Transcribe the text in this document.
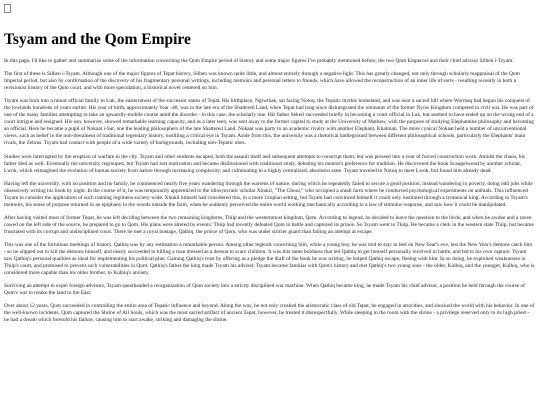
Tsyam and the Qom Empire

In this page, I'd like to gather and summarize some of the information concerning the Qom Empire period of history and some major figures I've probably mentioned before, the two Qom Emperors and their chief advisor Silhen i-Tsyam.

The first of these is Silhen i-Tsyam. Although one of the major figures of Tepat history, Silhen was known quite little, and almost entirely through a negative light. This has greatly changed, not only through scholarly reappraisal of the Qom Imperial period, but also by confirmation of the discovery of his fragmentary personal writings, including memoirs and personal letters to friends, which have allowed the reconstruction of an inner life of sorts - resulting recently in both a revisionist history of the Qom court, and with more speculation, a historical novel centered on him.

Tsyam was born into a minor official family in Luk, the easternmost of the successor states of Tepat. His birthplace, Ngiwthak, sat facing Notoq, the Tepatic mythic homeland, and was near a sacred hill where Wormaq had begun his conquest of the lowlands hundreds of years earlier. His year of birth, approximately Year -40, was in the late era of the Shattered Land, when Tepat had long since disintegrated the remnants of the former Nyow Kingdom competed in civil war. He was part of one of the many families attempting to take an upwardly-mobile course amid the disorder - in this case, the scholarly one. His father Sekeil succeeded briefly in becoming a court official in Luk, but seemed to have ended up on the wrong end of a court intrigue and resigned. His son, however, showed remarkable learning capacity, and as a later teen, was sent away to the former capital to study at the University of Mathew, with the purpose of studying Elephantine philosophy and becoming an official. Here he became a pupil of Nokaat i-Sat, one the leading philosophers of the late Shattered Land. Nokaat was party to an academic rivalry with another Elephant, Khalman. The more cynical Nokaat held a number of unconventional views, such as belief in the non-literalness of traditional legendary history, instilling a critical eye in Tsyam. Aside from this, the university was a rhetorical battleground between different philosophical schools, particularly the Elephants' main rivals, the Zebras. Tsyam had contact with people of a wide variety of backgrounds, including non-Tepatic ones.

Studies were interrupted by the eruption of warfare in the city. Tsyam and other students escaped, both the assault itself and subsequent attempts to conscript them, but was pressed into a year of forced construction work. Amidst the chaos, his father died as well. Eventually the university regrouped, but Tsyam had lost motivation and became disillusioned with traditional study, debating his mentor's preference for tradition. He discovered the book Scaugelwood by another scholar, Lwok, which reimagined the evolution of human society from nature through increasing complexity, and culminating in a highly centralized, absolutist state. Tsyam traveled to Notoq to meet Lwok, but found him already dead.

Having left the university, with no position and no family, he commenced nearly five years wandering through the warrens of nature, during which he repeatedly failed to secure a good position, instead wandering in poverty, doing odd jobs while obsessively writing his book by night. In the course of it, he was temporarily apprenticed to the idiosyncratic scholar Xhukil, "The Ghoul," who occupied a small farm where he conducted psychological experiments on animals. This influenced Tsyam to consider the application of such training regimens society-wide. Xhukil himself had considered this, in a more Utopian setting, but Tsyam had convinced himself it could only instituted through a tyrannical king. According to Tsyam's memoirs, his sense of purpose returned in an epiphany in the woods outside the farm, when he suddenly perceived the entire world working mechanically according to a law of stimulus response, and saw how it could be manipulated.

After having visited most of former Tepat, he was left deciding between the two remaining kingdoms, Thiip and the westernmost kingdom, Qom. According to legend, he decided to leave the question to the birds, and when he awoke and a raven cawed on the left side of the source, he prepared to go to Qom. His plans were altered by events: Thiip had recently defeated Qom in battle and captured its prince. So Tsyam went to Thiip. He became a clerk in the western state Thiip, but became frustrated with its corrupt and undisciplined court. There he met a royal hostage, Qathiq, the prince of Qom, who was under stricter guard than failing an attempt at escape.

This was one of the fortuitous meetings of history. Qathiq was by any estimation a remarkable person. Among other legends concerning him, while a young boy, he was told to stay in bed on New Year's eve, lest the New Year's demons catch him - so he slipped out to kill the demons himself, and nearly succeeded in killing a man dressed as a demon to scare children. It was this same boldness that led Qathiq to get himself personally involved in battle, and led to his own capture. Tsyam saw Qathiq's personal qualities as ideal for implementing his political plan. Gaining Qathiq's trust by offering as a pledge the draft of the book he was writing, he helped Qathiq escape, fleeing with him. In so doing, he exploited weaknesses in Thiip's court, and promised to prevent such vulnerabilities in Qom. Qathiq's father the king made Tsyam his adviser. Tsyam became familiar with Qom's history and met Qathiq's two young sons - the older, Kulhiq, and the younger, Kulhiq, who is considered more capable than his older brother, to Kulhiq's anxiety.

Surviving an attempt to expel foreign advisors, Tsyam spearheaded a reorganization of Qom society into a strictly disciplined war machine. When Qathiq became king, he made Tsyam his chief advisor, a position he held through the course of Qom's war to retake the land to the East.

Over about 12 years, Qom succeeded in controlling the entire area of Tepatic influence and beyond. Along the way, he not only crushed the aristocratic class of old Tepat, he engaged in atrocities, and shocked the world with his behavior. In one of the well-known incidents, Qom captured the Shrine of All Souls, which was the most sacred artifact of ancient Tepat, however, he treated it disrespectfully. While sleeping in the room with the shrine - a privilege reserved only to its high priest - he had a dream which foretold his failure, causing him to start awake, striking and damaging the shrine.
